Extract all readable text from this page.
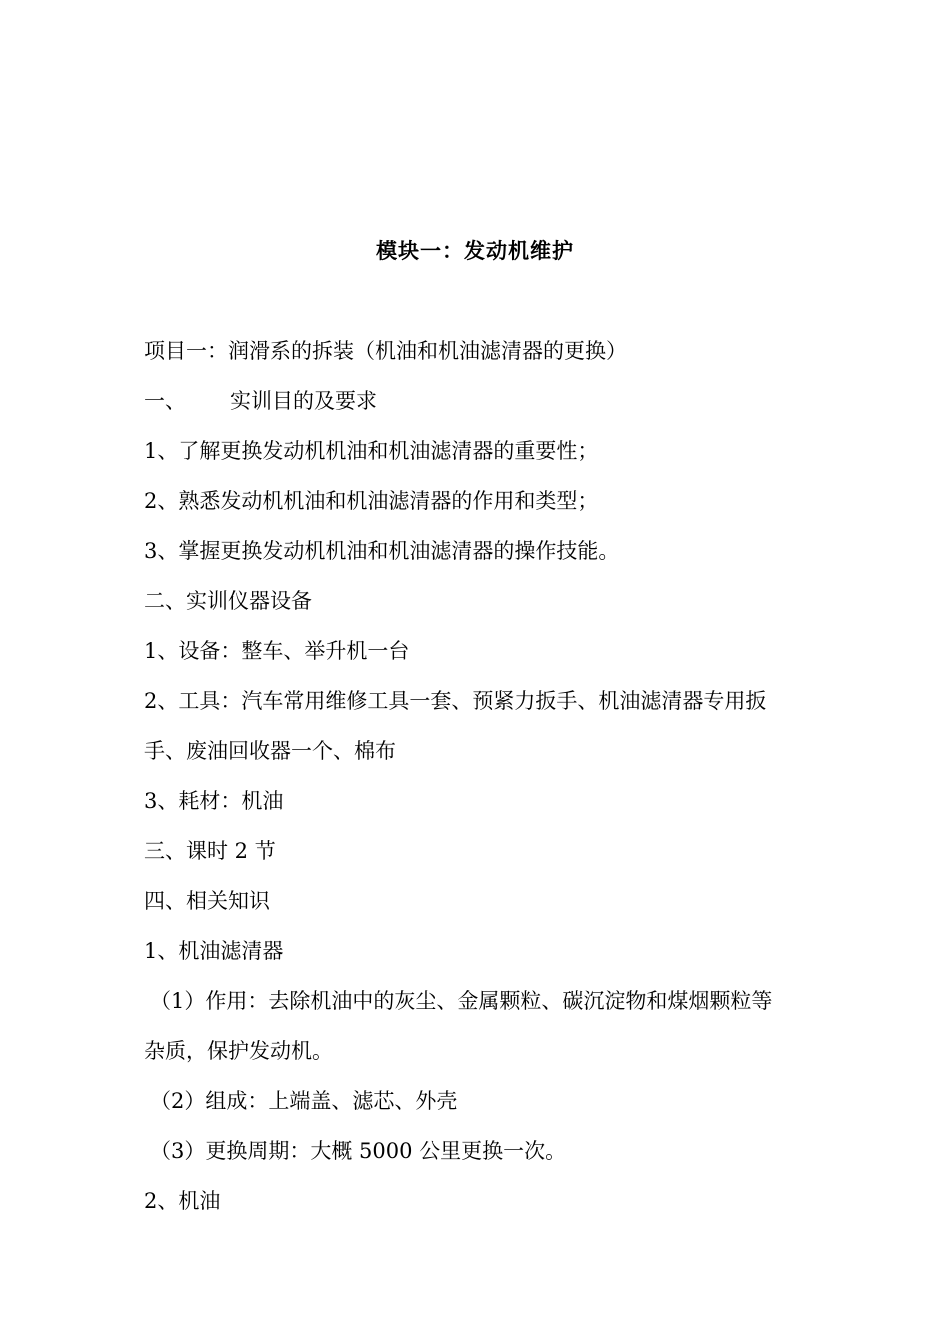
模块一：发动机维护
项目一：润滑系的拆装（机油和机油滤清器的更换）
一、 实训目的及要求
1、了解更换发动机机油和机油滤清器的重要性；
2、熟悉发动机机油和机油滤清器的作用和类型；
3、掌握更换发动机机油和机油滤清器的操作技能。
二、实训仪器设备
1、设备：整车、举升机一台
2、工具：汽车常用维修工具一套、预紧力扳手、机油滤清器专用扳
手、废油回收器一个、棉布
3、耗材：机油
三、课时 2 节
四、相关知识
1、机油滤清器
（1）作用：去除机油中的灰尘、金属颗粒、碳沉淀物和煤烟颗粒等
杂质，保护发动机。
（2）组成：上端盖、滤芯、外壳
（3）更换周期：大概 5000 公里更换一次。
2、机油
